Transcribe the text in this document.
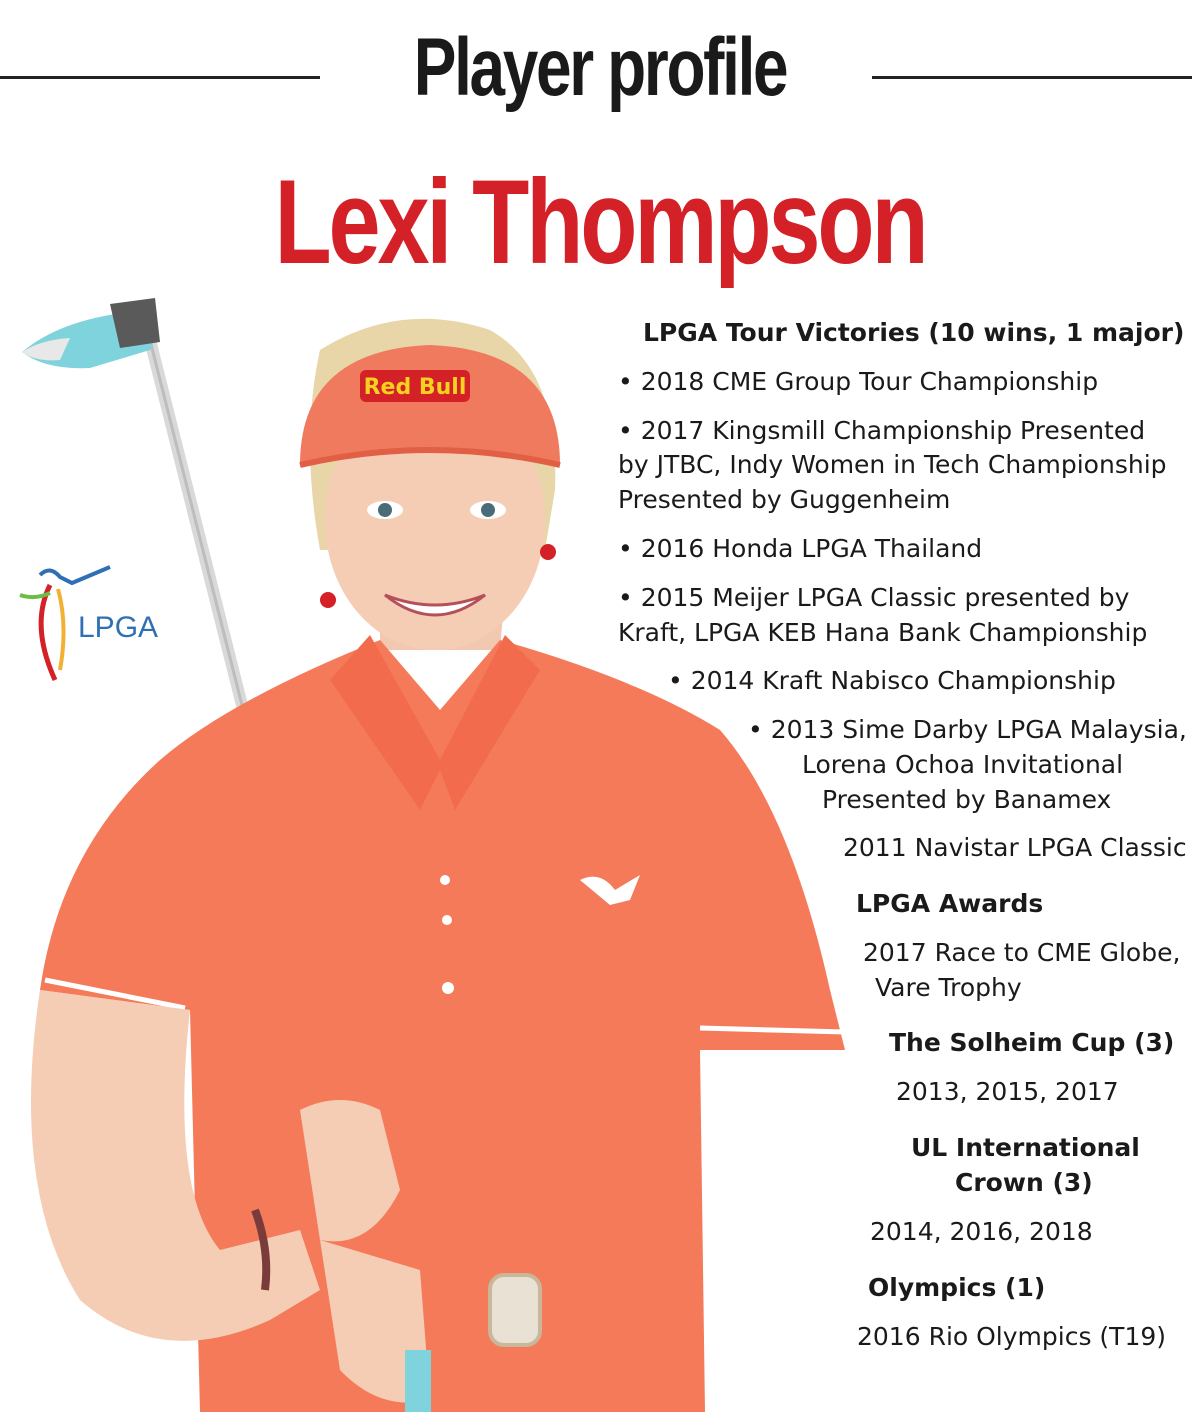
Player profile
Lexi Thompson
Red Bull
LPGA
LPGA Tour Victories (10 wins, 1 major)
• 2018 CME Group Tour Championship
• 2017 Kingsmill Championship Presented
by JTBC, Indy Women in Tech Championship
Presented by Guggenheim
• 2016 Honda LPGA Thailand
• 2015 Meijer LPGA Classic presented by
Kraft, LPGA KEB Hana Bank Championship
• 2014 Kraft Nabisco Championship
• 2013 Sime Darby LPGA Malaysia,
Lorena Ochoa Invitational
Presented by Banamex
2011 Navistar LPGA Classic
LPGA Awards
2017 Race to CME Globe,
Vare Trophy
The Solheim Cup (3)
2013, 2015, 2017
UL International
Crown (3)
2014, 2016, 2018
Olympics (1)
2016 Rio Olympics (T19)
